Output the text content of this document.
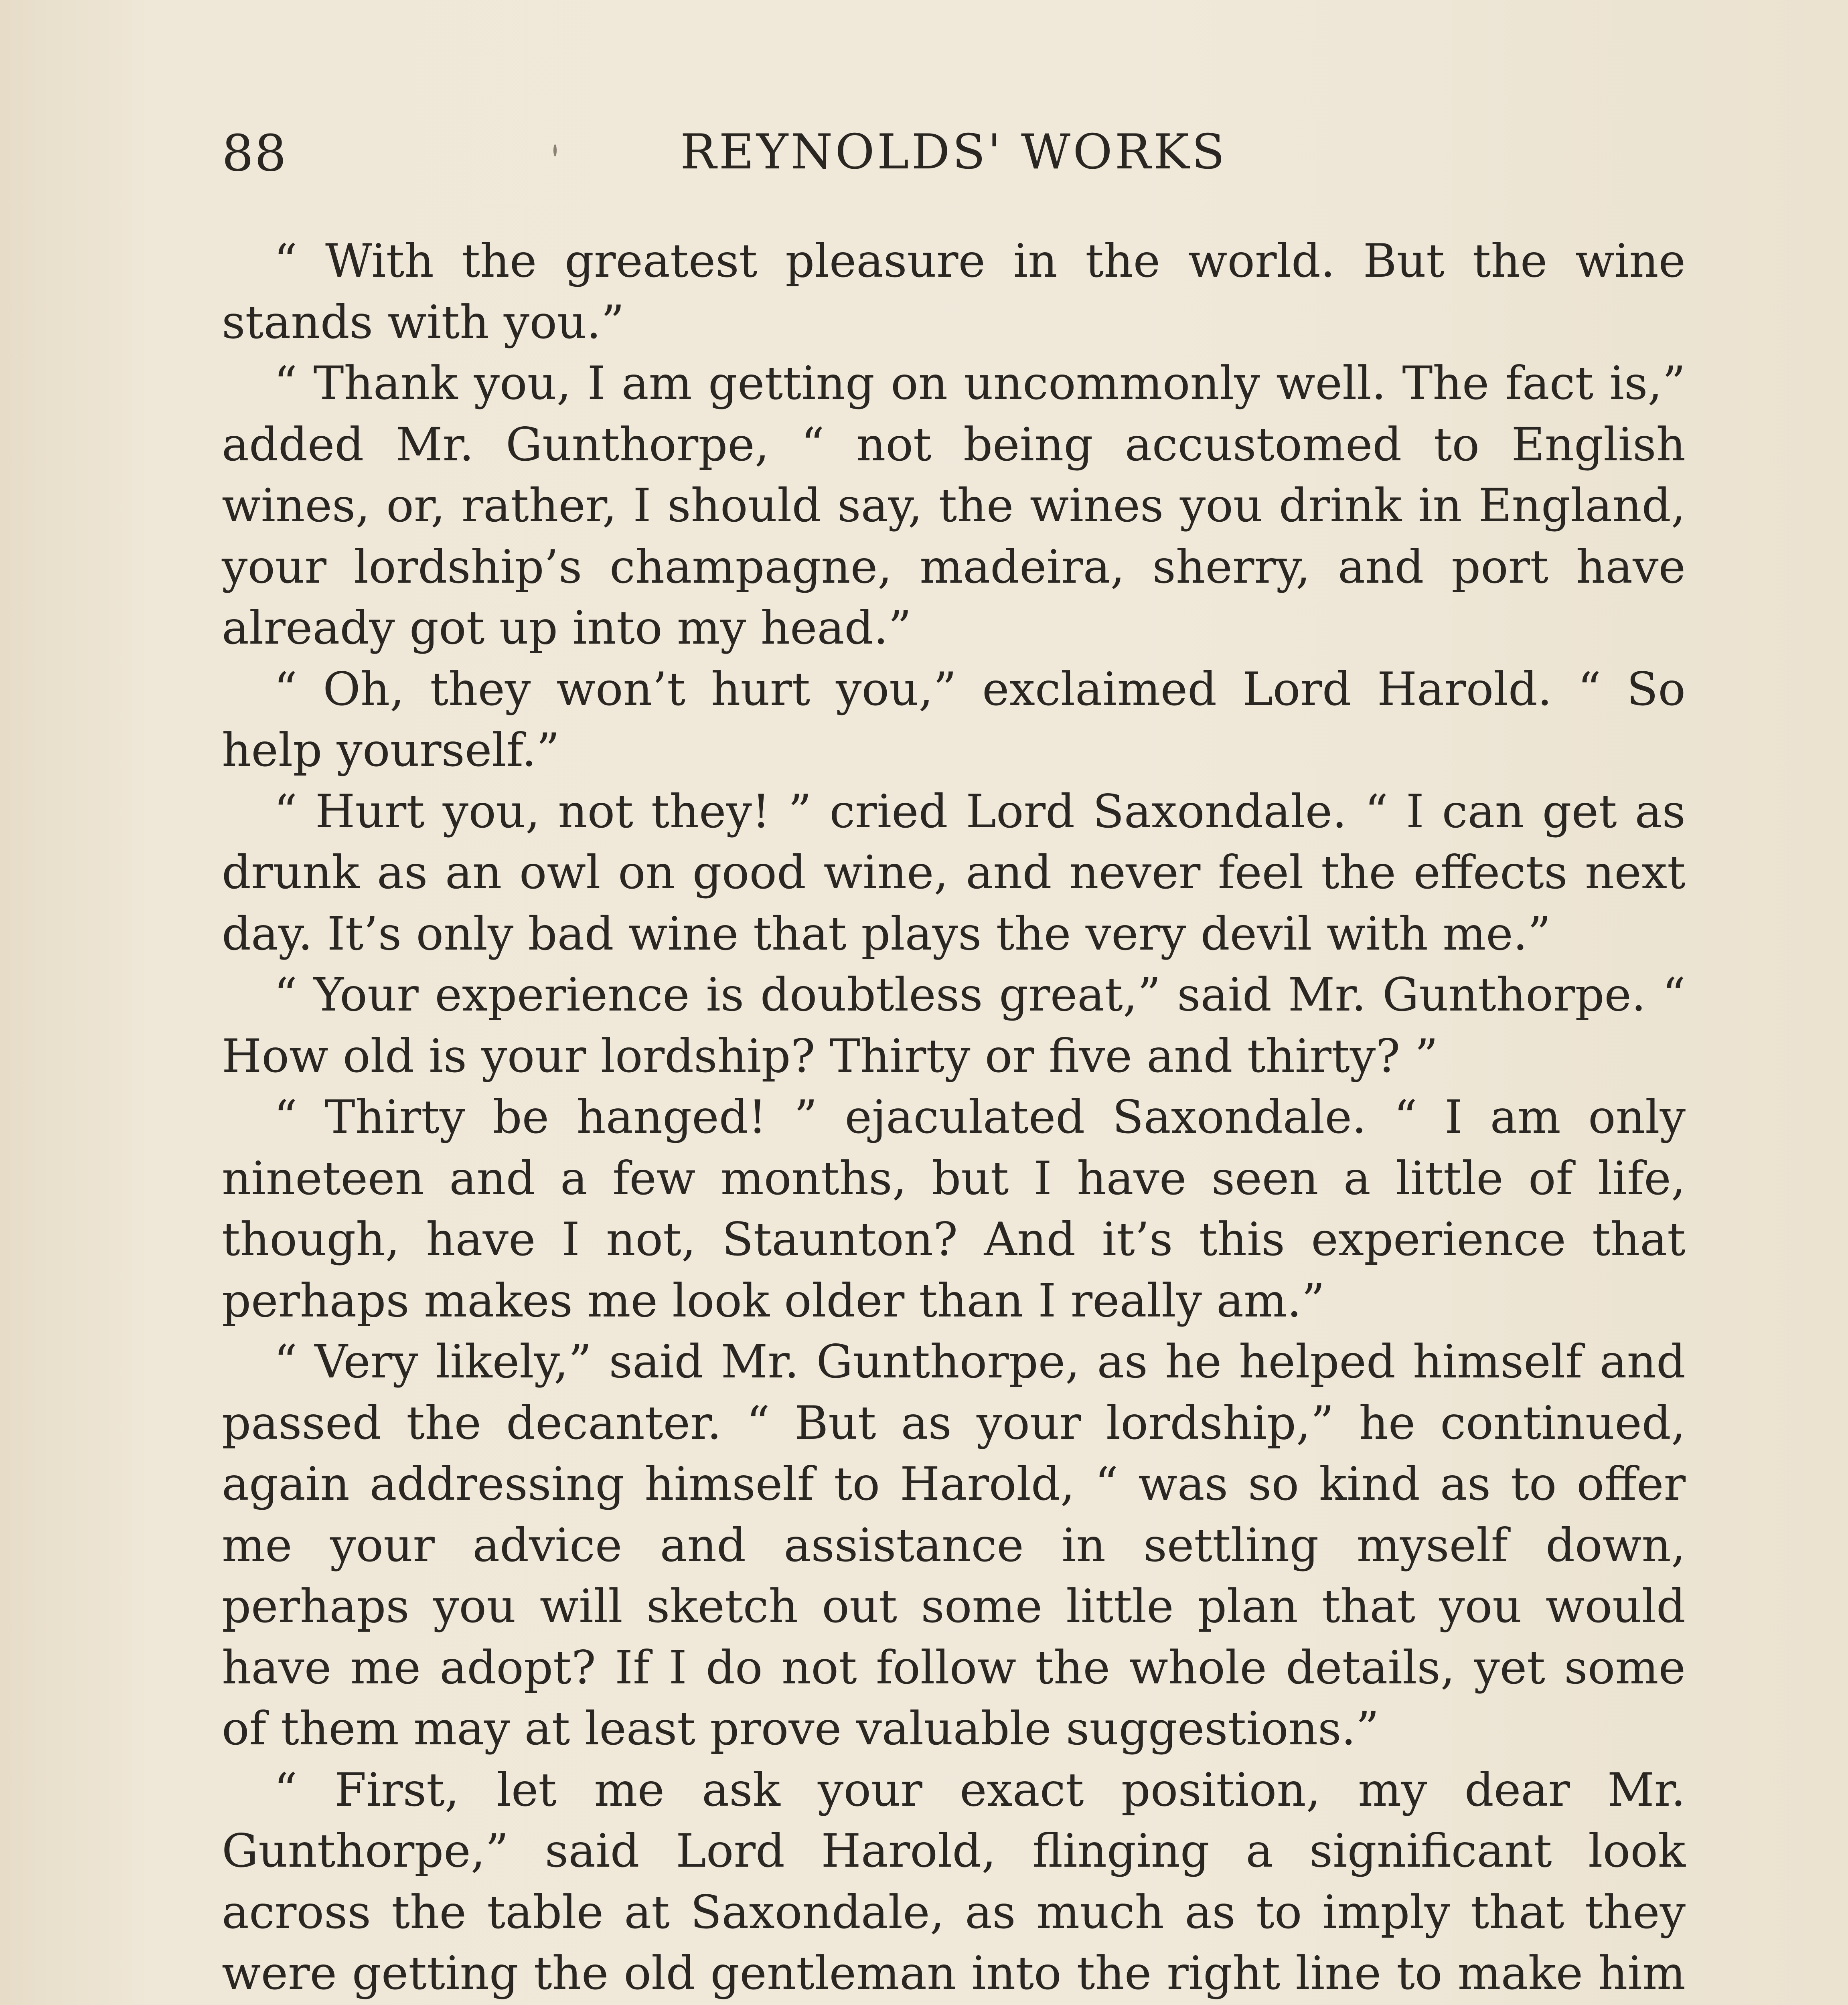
88	REYNOLDS' WORKS

“ With the greatest pleasure in the world. But the wine stands with you.”

“ Thank you, I am getting on uncommonly well. The fact is,” added Mr. Gunthorpe, “ not being accustomed to English wines, or, rather, I should say, the wines you drink in England, your lordship’s champagne, madeira, sherry, and port have already got up into my head.”

“ Oh, they won’t hurt you,” exclaimed Lord Harold. “ So help yourself.”

“ Hurt you, not they! ” cried Lord Saxondale. “ I can get as drunk as an owl on good wine, and never feel the effects next day. It’s only bad wine that plays the very devil with me.”

“ Your experience is doubtless great,” said Mr. Gunthorpe. “ How old is your lordship? Thirty or five and thirty? ”

“ Thirty be hanged! ” ejaculated Saxondale. “ I am only nineteen and a few months, but I have seen a little of life, though, have I not, Staunton? And it’s this experience that perhaps makes me look older than I really am.”

“ Very likely,” said Mr. Gunthorpe, as he helped himself and passed the decanter. “ But as your lordship,” he continued, again addressing himself to Harold, “ was so kind as to offer me your advice and assistance in settling myself down, perhaps you will sketch out some little plan that you would have me adopt? If I do not follow the whole details, yet some of them may at least prove valuable suggestions.”

“ First, let me ask your exact position, my dear Mr. Gunthorpe,” said Lord Harold, flinging a significant look across the table at Saxondale, as much as to imply that they were getting the old gentleman into the right line to make him
